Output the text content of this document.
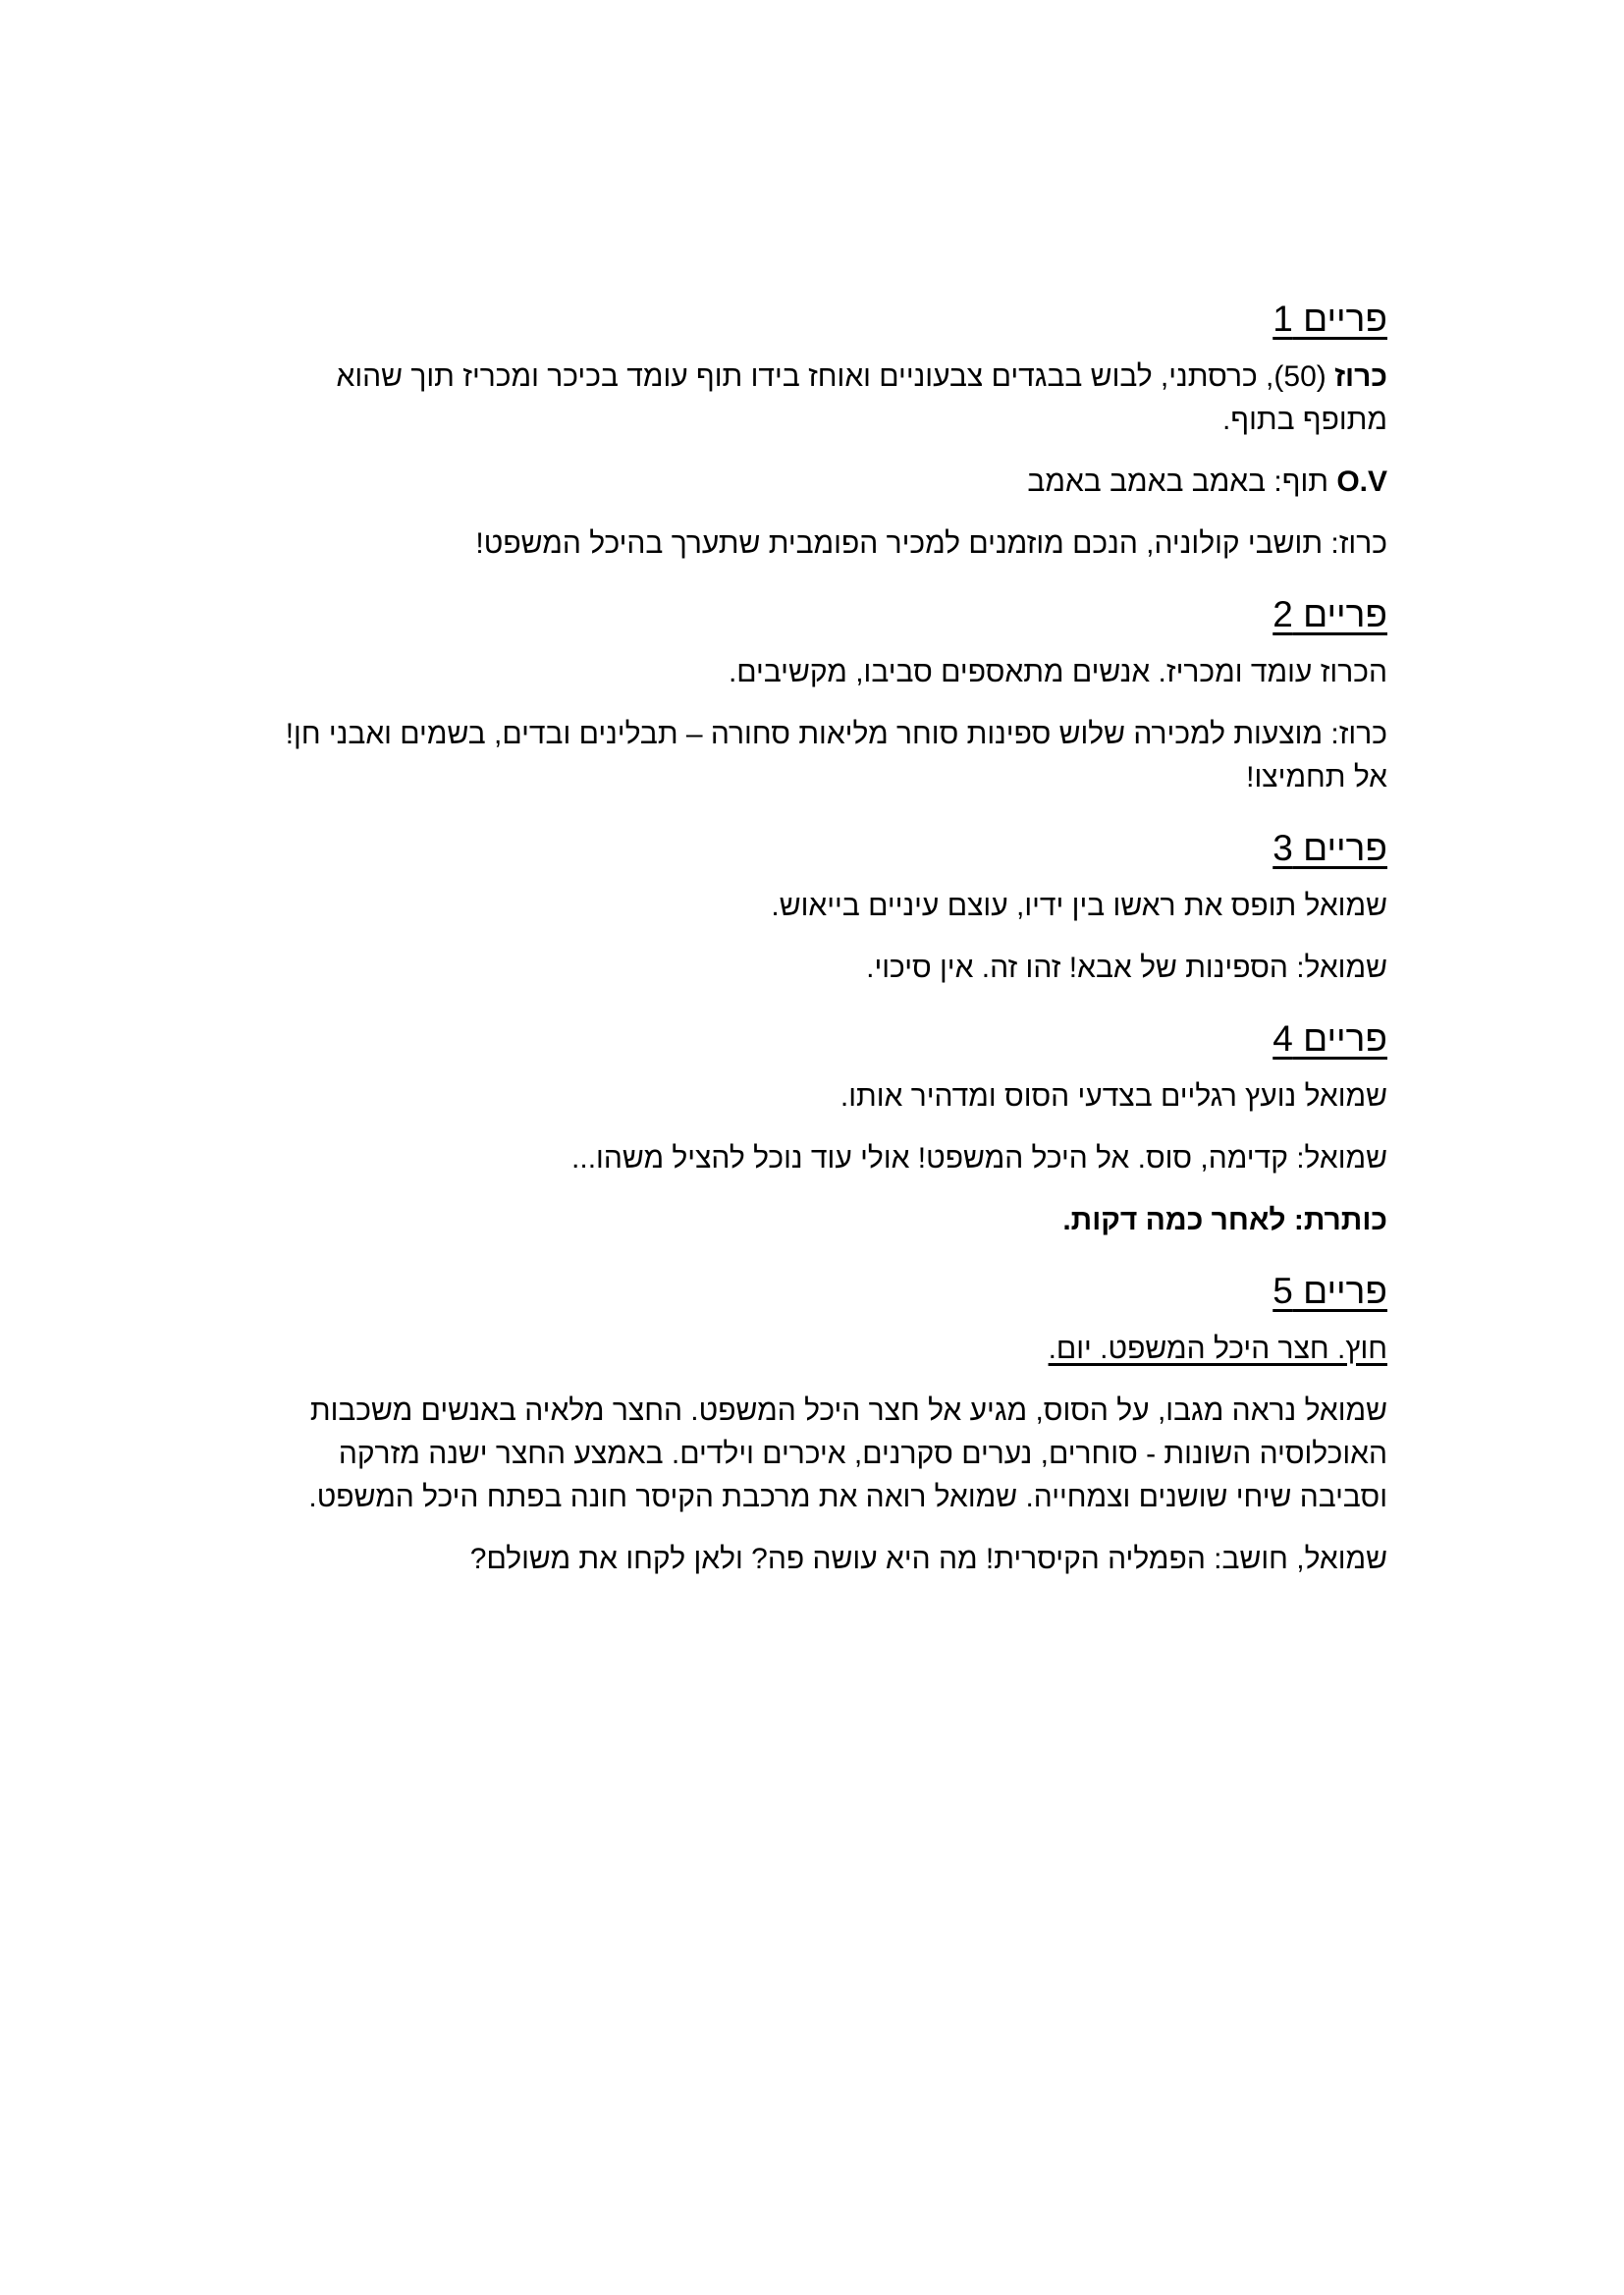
פריים 1

כרוז (50), כרסתני, לבוש בבגדים צבעוניים ואוחז בידו תוף עומד בכיכר ומכריז תוך שהוא מתופף בתוף.

O.V תוף: באמב באמב באמב

כרוז: תושבי קולוניה, הנכם מוזמנים למכיר הפומבית שתערך בהיכל המשפט!

פריים 2

הכרוז עומד ומכריז. אנשים מתאספים סביבו, מקשיבים.

כרוז: מוצעות למכירה שלוש ספינות סוחר מליאות סחורה – תבלינים ובדים, בשמים ואבני חן! אל תחמיצו!

פריים 3

שמואל תופס את ראשו בין ידיו, עוצם עיניים בייאוש.

שמואל: הספינות של אבא! זהו זה. אין סיכוי.

פריים 4

שמואל נועץ רגליים בצדעי הסוס ומדהיר אותו.

שמואל: קדימה, סוס. אל היכל המשפט! אולי עוד נוכל להציל משהו...

כותרת: לאחר כמה דקות.

פריים 5

חוץ. חצר היכל המשפט. יום.

שמואל נראה מגבו, על הסוס, מגיע אל חצר היכל המשפט. החצר מלאיה באנשים משכבות האוכלוסיה השונות - סוחרים, נערים סקרנים, איכרים וילדים. באמצע החצר ישנה מזרקה וסביבה שיחי שושנים וצמחייה. שמואל רואה את מרכבת הקיסר חונה בפתח היכל המשפט.

שמואל, חושב: הפמליה הקיסרית! מה היא עושה פה? ולאן לקחו את משולם?
